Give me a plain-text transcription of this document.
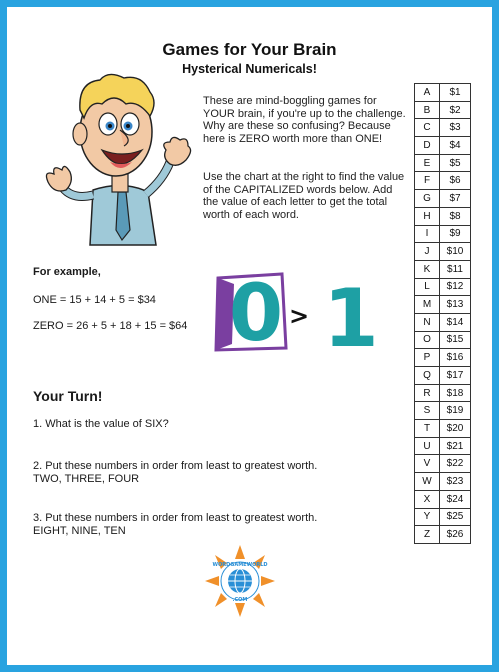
Games for Your Brain
Hysterical Numericals!
These are mind-boggling games for YOUR brain, if you're up to the challenge. Why are these so confusing? Because here is ZERO worth more than ONE!
Use the chart at the right to find the value of the CAPITALIZED words below. Add the value of each letter to get the total worth of each word.
For example,
ONE = 15 + 14 + 5 = $34
ZERO = 26 + 5 + 18 + 15 = $64 0 > 1
Your Turn!
1. What is the value of SIX?
2. Put these numbers in order from least to greatest worth.
TWO, THREE, FOUR
3. Put these numbers in order from least to greatest worth.
EIGHT, NINE, TEN
WORDGAMEWORLD
.COM
A	$1
B	$2
C	$3
D	$4
E	$5
F	$6
G	$7
H	$8
I	$9
J	$10
K	$11
L	$12
M	$13
N	$14
O	$15
P	$16
Q	$17
R	$18
S	$19
T	$20
U	$21
V	$22
W	$23
X	$24
Y	$25
Z	$26
